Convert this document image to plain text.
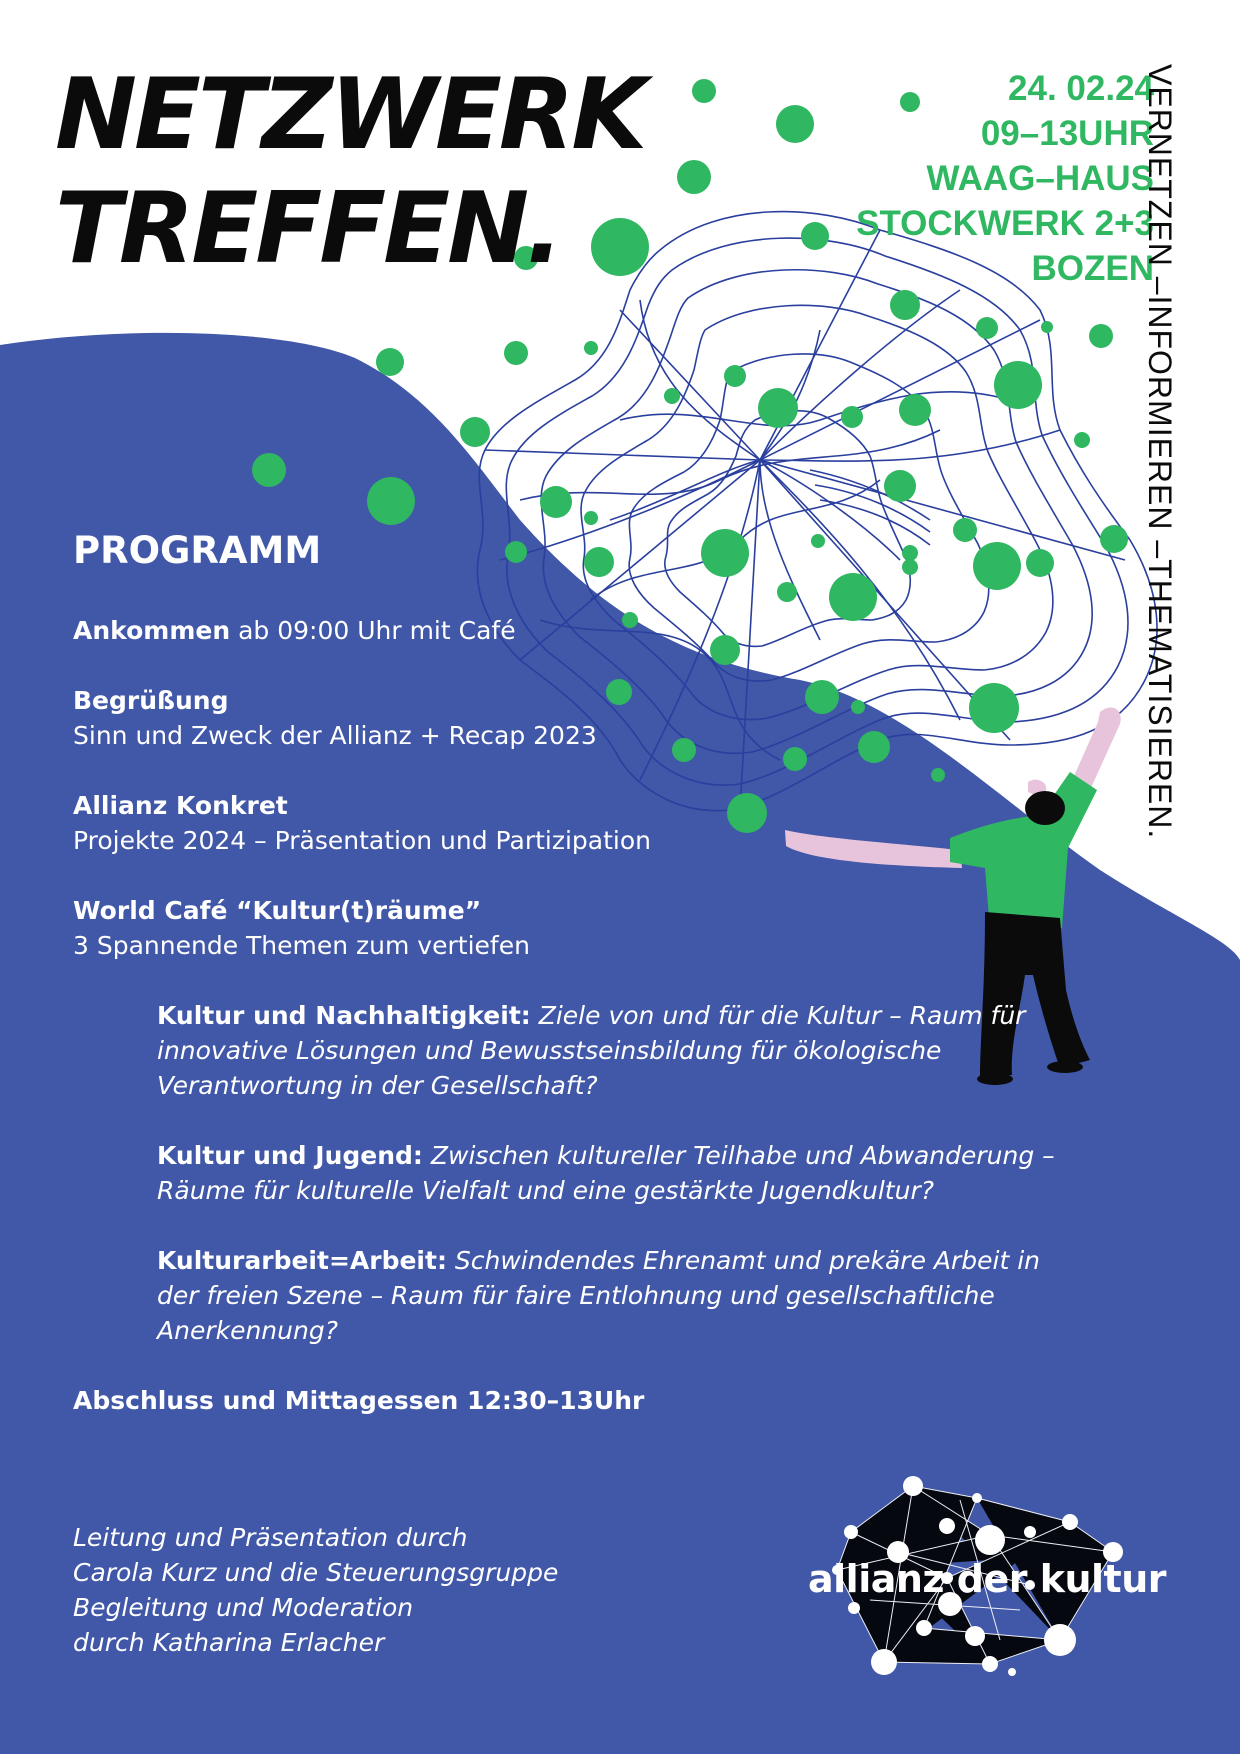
NETZWERK
TREFFEN.
24. 02.24
09–13UHR
WAAG–HAUS
STOCKWERK 2+3
BOZEN
VERNETZEN –INFORMIEREN –THEMATISIEREN.
PROGRAMM
Ankommen ab 09:00 Uhr mit Café
Begrüßung
Sinn und Zweck der Allianz + Recap 2023
Allianz Konkret
Projekte 2024 – Präsentation und Partizipation
World Café “Kultur(t)räume”
3 Spannende Themen zum vertiefen
Kultur und Nachhaltigkeit: Ziele von und für die Kultur – Raum für innovative Lösungen und Bewusstseinsbildung für ökologische Verantwortung in der Gesellschaft?
Kultur und Jugend: Zwischen kultureller Teilhabe und Abwanderung – Räume für kulturelle Vielfalt und eine gestärkte Jugendkultur?
Kulturarbeit=Arbeit: Schwindendes Ehrenamt und prekäre Arbeit in der freien Szene – Raum für faire Entlohnung und gesellschaftliche Anerkennung?
Abschluss und Mittagessen 12:30–13Uhr
Leitung und Präsentation durch
Carola Kurz und die Steuerungsgruppe
Begleitung und Moderation
durch Katharina Erlacher
allianz der kultur
